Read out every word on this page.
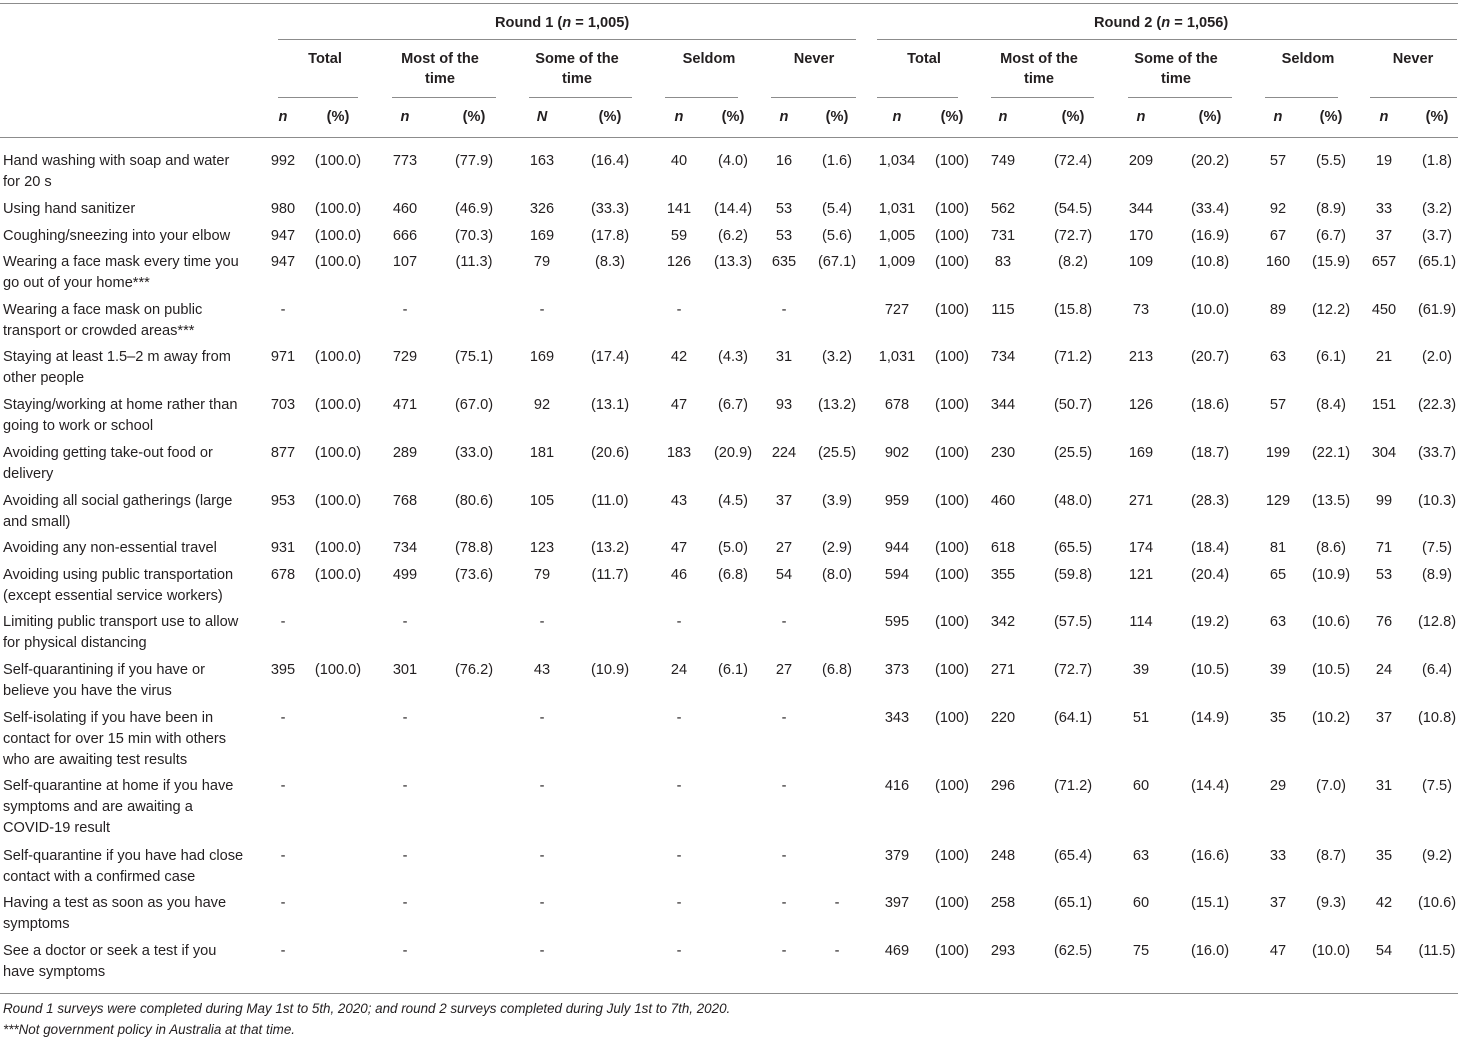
Round 1 (n = 1,005)	Round 2 (n = 1,056)
Total	Most of the
time
Some of the
time
Seldom	Never	Total	Most of the
time
Some of the
time
Seldom	Never
n	(%)	n	(%)	N	(%)	n	(%) n	(%)	n	(%) n	(%)	n	(%)	n	(%)	n	(%)
Hand washing with soap and water
for 20 s
992 (100.0) 773	(77.9)	163	(16.4)	40 (4.0) 16 (1.6) 1,034 (100) 749	(72.4)	209	(20.2)	57 (5.5) 19 (1.8)
Using hand sanitizer	980 (100.0) 460	(46.9)	326	(33.3)	141 (14.4) 53 (5.4) 1,031 (100) 562	(54.5)	344	(33.4)	92 (8.9) 33 (3.2)
Coughing/sneezing into your elbow	947 (100.0) 666	(70.3)	169	(17.8)	59 (6.2) 53 (5.6) 1,005 (100) 731	(72.7)	170	(16.9)	67 (6.7) 37 (3.7)
Wearing a face mask every time you
go out of your home***
947 (100.0) 107	(11.3)	79	(8.3)	126 (13.3) 635 (67.1) 1,009 (100) 83	(8.2)	109	(10.8)	160 (15.9) 657 (65.1)
Wearing a face mask on public
transport or crowded areas***
-	-	-	-	-	727 (100) 115	(15.8)	73	(10.0)	89 (12.2) 450 (61.9)
Staying at least 1.5–2 m away from
other people
971 (100.0) 729	(75.1)	169	(17.4)	42 (4.3) 31 (3.2) 1,031 (100) 734	(71.2)	213	(20.7)	63 (6.1) 21 (2.0)
Staying/working at home rather than
going to work or school
703 (100.0) 471	(67.0)	92	(13.1)	47 (6.7) 93 (13.2) 678 (100) 344	(50.7)	126	(18.6)	57 (8.4) 151 (22.3)
Avoiding getting take-out food or
delivery
877 (100.0) 289	(33.0)	181	(20.6)	183 (20.9) 224 (25.5) 902 (100) 230	(25.5)	169	(18.7)	199 (22.1) 304 (33.7)
Avoiding all social gatherings (large
and small)
953 (100.0) 768	(80.6)	105	(11.0)	43 (4.5) 37 (3.9) 959 (100) 460	(48.0)	271	(28.3)	129 (13.5) 99 (10.3)
Avoiding any non-essential travel	931 (100.0) 734	(78.8)	123	(13.2)	47 (5.0) 27 (2.9) 944 (100) 618	(65.5)	174	(18.4)	81 (8.6) 71 (7.5)
Avoiding using public transportation
(except essential service workers)
678 (100.0) 499	(73.6)	79	(11.7)	46 (6.8) 54 (8.0) 594 (100) 355	(59.8)	121	(20.4)	65 (10.9) 53 (8.9)
Limiting public transport use to allow
for physical distancing
-	-	-	-	-	595 (100) 342	(57.5)	114	(19.2)	63 (10.6) 76 (12.8)
Self-quarantining if you have or
believe you have the virus
395 (100.0) 301	(76.2)	43	(10.9)	24 (6.1) 27 (6.8) 373 (100) 271	(72.7)	39	(10.5)	39 (10.5) 24 (6.4)
Self-isolating if you have been in
contact for over 15 min with others
who are awaiting test results
-	-	-	-	-	343 (100) 220	(64.1)	51	(14.9)	35 (10.2) 37 (10.8)
Self-quarantine at home if you have
symptoms and are awaiting a
COVID-19 result
-	-	-	-	-	416 (100) 296	(71.2)	60	(14.4)	29 (7.0) 31 (7.5)
Self-quarantine if you have had close
contact with a confirmed case
-	-	-	-	-	379 (100) 248	(65.4)	63	(16.6)	33 (8.7) 35 (9.2)
Having a test as soon as you have
symptoms
-	-	-	-	-	-	397 (100) 258	(65.1)	60	(15.1)	37 (9.3) 42 (10.6)
See a doctor or seek a test if you
have symptoms
-	-	-	-	-	-	469 (100) 293	(62.5)	75	(16.0)	47 (10.0) 54 (11.5)
Round 1 surveys were completed during May 1st to 5th, 2020; and round 2 surveys completed during July 1st to 7th, 2020.
***Not government policy in Australia at that time.
